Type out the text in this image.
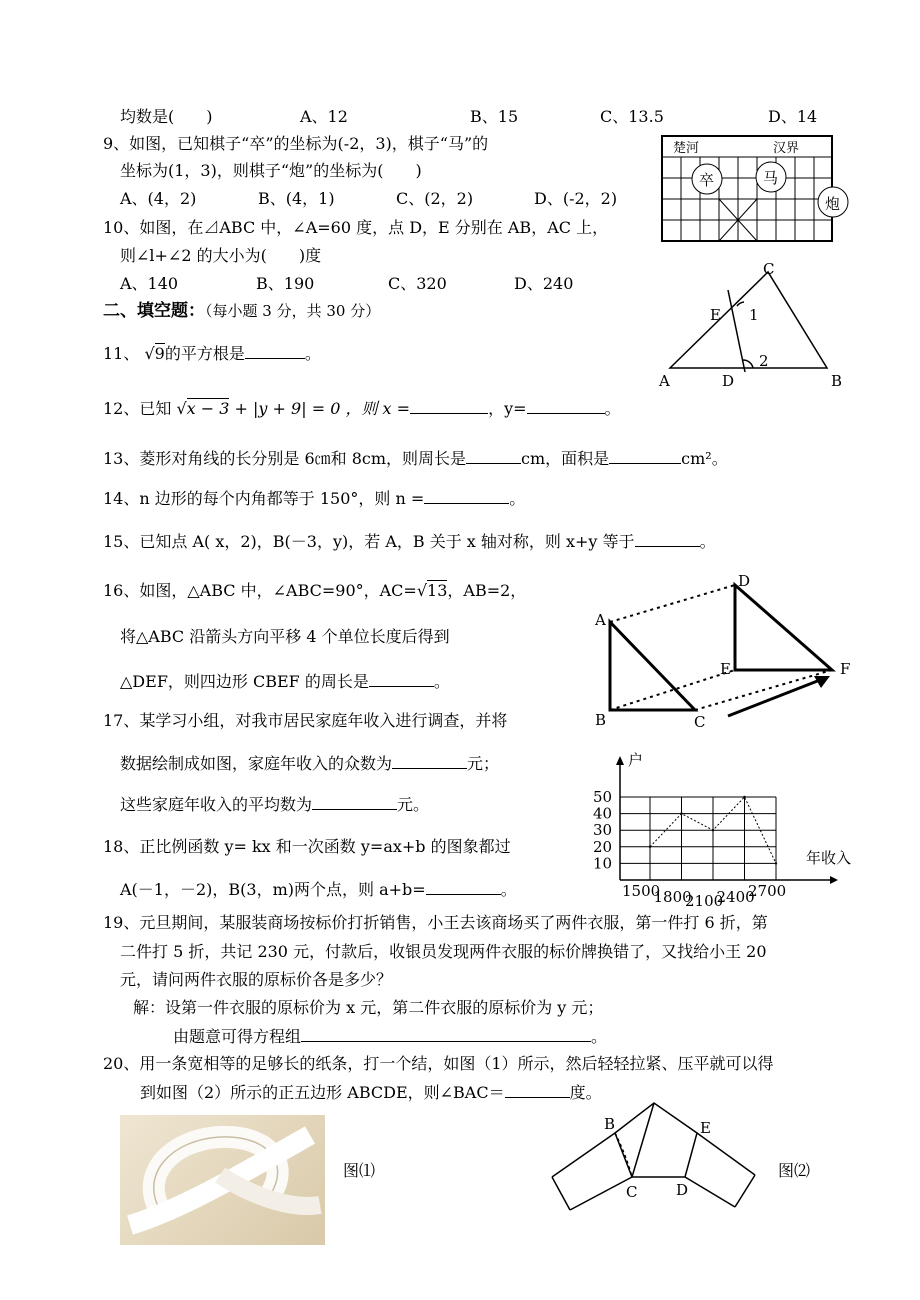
均数是(　　)	A、12	B、15	C、13.5	D、14
9、如图，已知棋子“卒”的坐标为(-2，3)，棋子“马”的
坐标为(1，3)，则棋子“炮”的坐标为(　　)
A、(4，2)	B、(4，1)	C、(2，2)	D、(-2，2)
楚河	汉界
卒	马
炮
10、如图，在⊿ABC 中，∠A=60 度，点 D，E 分别在 AB，AC 上，
则∠l+∠2 的大小为(　　)度
A、140	B、190	C、320	D、240
C
E 1
2
A	D	B
二、填空题：（每小题 3 分，共 30 分）
11、 √9的平方根是	。
12、已知 √x − 3 + |y + 9| = 0 ，则 x =	，y=	。
13、菱形对角线的长分别是 6㎝和 8cm，则周长是	cm，面积是	cm²。
14、n 边形的每个内角都等于 150°，则 n =	。
15、已知点 A( x，2)，B(－3，y)，若 A，B 关于 x 轴对称，则 x+y 等于	。
16、如图，△ABC 中，∠ABC=90°，AC=√13，AB=2，
将△ABC 沿箭头方向平移 4 个单位长度后得到
△DEF，则四边形 CBEF 的周长是	。
A
B	C
D
E	F
17、某学习小组，对我市居民家庭年收入进行调查，并将
数据绘制成如图，家庭年收入的众数为	元；
这些家庭年收入的平均数为	元。
10
20
30
40
50
1500
1800
2100
2400
2700
户
年收入
18、正比例函数 y= kx 和一次函数 y=ax+b 的图象都过
A(－1，－2)，B(3，m)两个点，则 a+b=	。
19、元旦期间，某服装商场按标价打折销售，小王去该商场买了两件衣服，第一件打 6 折，第
二件打 5 折，共记 230 元，付款后，收银员发现两件衣服的标价牌换错了，又找给小王 20
元，请问两件衣服的原标价各是多少？
解：设第一件衣服的原标价为 x 元，第二件衣服的原标价为 y 元；
由题意可得方程组	。
20、用一条宽相等的足够长的纸条，打一个结，如图（1）所示，然后轻轻拉紧、压平就可以得
到如图（2）所示的正五边形 ABCDE，则∠BAC＝	度。
图⑴
B
C	D
E
图⑵
